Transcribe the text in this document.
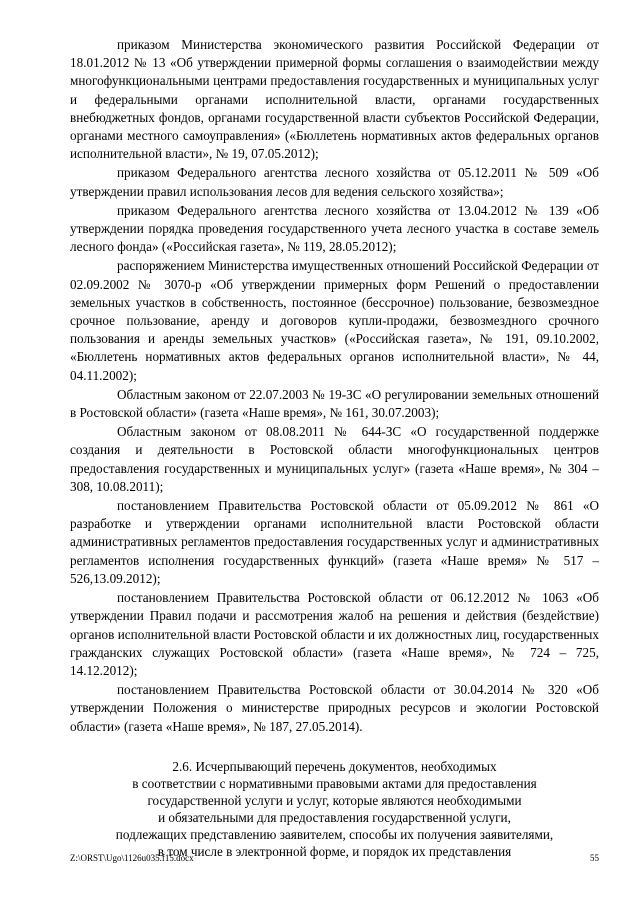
приказом Министерства экономического развития Российской Федерации от 18.01.2012 № 13 «Об утверждении примерной формы соглашения о взаимодействии между многофункциональными центрами предоставления государственных и муниципальных услуг и федеральными органами исполнительной власти, органами государственных внебюджетных фондов, органами государственной власти субъектов Российской Федерации, органами местного самоуправления» («Бюллетень нормативных актов федеральных органов исполнительной власти», № 19, 07.05.2012);

приказом Федерального агентства лесного хозяйства от 05.12.2011 № 509 «Об утверждении правил использования лесов для ведения сельского хозяйства»;

приказом Федерального агентства лесного хозяйства от 13.04.2012 № 139 «Об утверждении порядка проведения государственного учета лесного участка в составе земель лесного фонда» («Российская газета», № 119, 28.05.2012);

распоряжением Министерства имущественных отношений Российской Федерации от 02.09.2002 № 3070-р «Об утверждении примерных форм Решений о предоставлении земельных участков в собственность, постоянное (бессрочное) пользование, безвозмездное срочное пользование, аренду и договоров купли-продажи, безвозмездного срочного пользования и аренды земельных участков» («Российская газета», № 191, 09.10.2002, «Бюллетень нормативных актов федеральных органов исполнительной власти», № 44, 04.11.2002);

Областным законом от 22.07.2003 № 19-ЗС «О регулировании земельных отношений в Ростовской области» (газета «Наше время», № 161, 30.07.2003);

Областным законом от 08.08.2011 № 644-ЗС «О государственной поддержке создания и деятельности в Ростовской области многофункциональных центров предоставления государственных и муниципальных услуг» (газета «Наше время», № 304 – 308, 10.08.2011);

постановлением Правительства Ростовской области от 05.09.2012 № 861 «О разработке и утверждении органами исполнительной власти Ростовской области административных регламентов предоставления государственных услуг и административных регламентов исполнения государственных функций» (газета «Наше время» № 517 – 526,13.09.2012);

постановлением Правительства Ростовской области от 06.12.2012 № 1063 «Об утверждении Правил подачи и рассмотрения жалоб на решения и действия (бездействие) органов исполнительной власти Ростовской области и их должностных лиц, государственных гражданских служащих Ростовской области» (газета «Наше время», № 724 – 725, 14.12.2012);

постановлением Правительства Ростовской области от 30.04.2014 № 320 «Об утверждении Положения о министерстве природных ресурсов и экологии Ростовской области» (газета «Наше время», № 187, 27.05.2014).

2.6. Исчерпывающий перечень документов, необходимых
в соответствии с нормативными правовыми актами для предоставления
государственной услуги и услуг, которые являются необходимыми
и обязательными для предоставления государственной услуги,
подлежащих представлению заявителем, способы их получения заявителями,
в том числе в электронной форме, и порядок их представления
Z:\ORST\Ugo\1126u035.f15.docx	55
